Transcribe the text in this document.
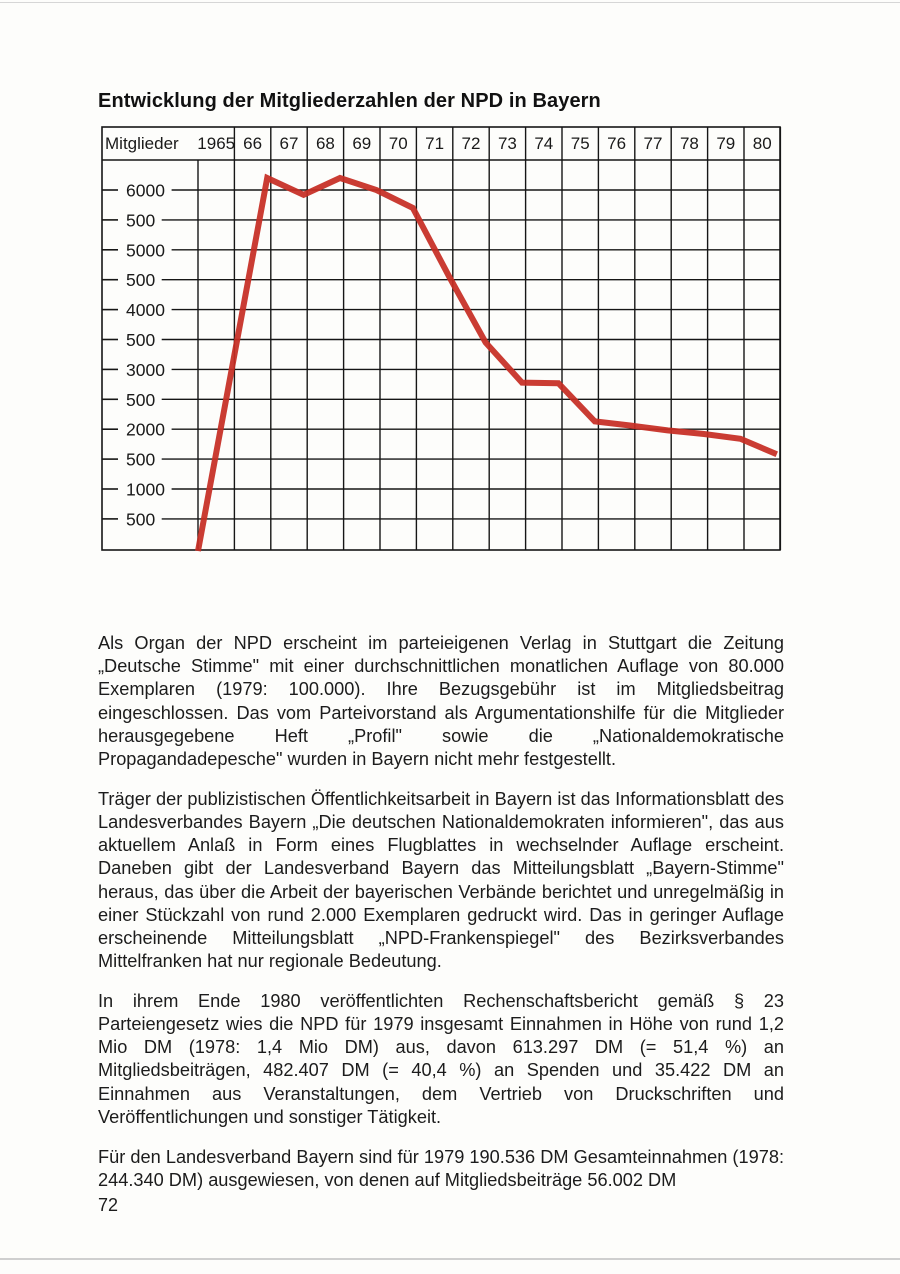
Entwicklung der Mitgliederzahlen der NPD in Bayern
6000
500
5000
500
4000
500
3000
500
2000
500
1000
500
Mitglieder 1965 66 67 68 69 70 71 72 73 74 75 76 77 78 79 80

Als Organ der NPD erscheint im parteieigenen Verlag in Stuttgart die Zeitung „Deutsche Stimme" mit einer durchschnittlichen monatlichen Auflage von 80.000 Exemplaren (1979: 100.000). Ihre Bezugsgebühr ist im Mitgliedsbeitrag eingeschlossen. Das vom Parteivorstand als Argumentationshilfe für die Mitglieder herausgegebene Heft „Profil" sowie die „Nationaldemokratische Propagandadepesche" wurden in Bayern nicht mehr festgestellt.

Träger der publizistischen Öffentlichkeitsarbeit in Bayern ist das Informationsblatt des Landesverbandes Bayern „Die deutschen Nationaldemokraten informieren", das aus aktuellem Anlaß in Form eines Flugblattes in wechselnder Auflage erscheint. Daneben gibt der Landesverband Bayern das Mitteilungsblatt „Bayern-Stimme" heraus, das über die Arbeit der bayerischen Verbände berichtet und unregelmäßig in einer Stückzahl von rund 2.000 Exemplaren gedruckt wird. Das in geringer Auflage erscheinende Mitteilungsblatt „NPD-Frankenspiegel" des Bezirksverbandes Mittelfranken hat nur regionale Bedeutung.

In ihrem Ende 1980 veröffentlichten Rechenschaftsbericht gemäß § 23 Parteiengesetz wies die NPD für 1979 insgesamt Einnahmen in Höhe von rund 1,2 Mio DM (1978: 1,4 Mio DM) aus, davon 613.297 DM (= 51,4 %) an Mitgliedsbeiträgen, 482.407 DM (= 40,4 %) an Spenden und 35.422 DM an Einnahmen aus Veranstaltungen, dem Vertrieb von Druckschriften und Veröffentlichungen und sonstiger Tätigkeit.

Für den Landesverband Bayern sind für 1979 190.536 DM Gesamteinnahmen (1978: 244.340 DM) ausgewiesen, von denen auf Mitgliedsbeiträge 56.002 DM

72
